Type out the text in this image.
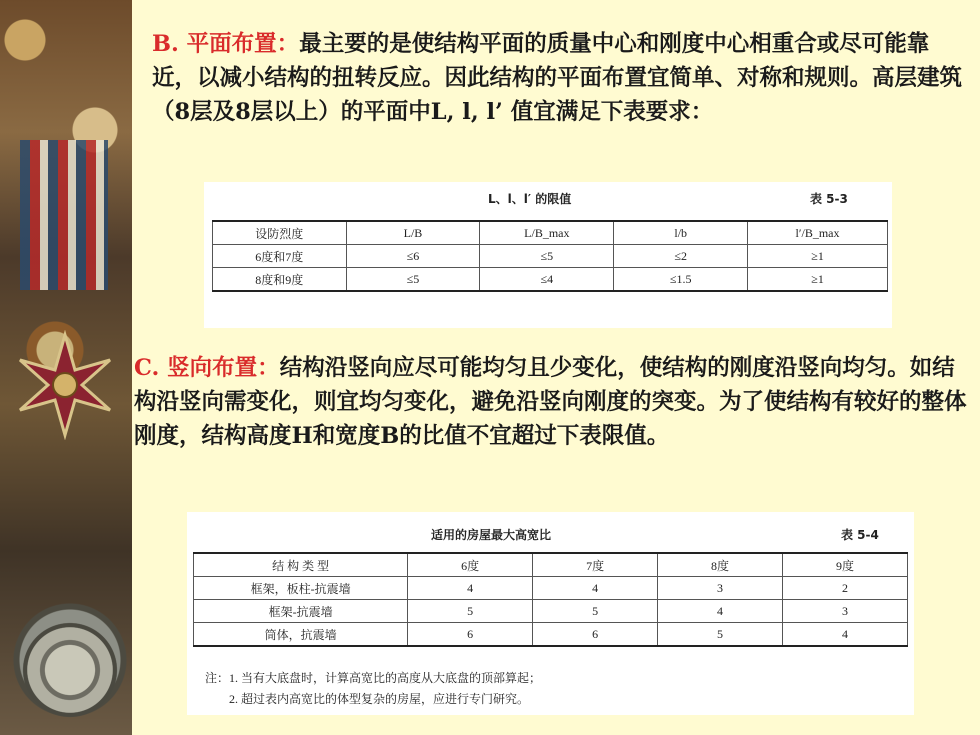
B. 平面布置：最主要的是使结构平面的质量中心和刚度中心相重合或尽可能靠近，以减小结构的扭转反应。因此结构的平面布置宜简单、对称和规则。高层建筑（8层及8层以上）的平面中L, l, l’ 值宜满足下表要求：
L、l、l′ 的限值	表 5-3
设防烈度	L/B	L/B_max	l/b	l′/B_max
6度和7度	≤6	≤5	≤2	≥1
8度和9度	≤5	≤4	≤1.5	≥1
C. 竖向布置：结构沿竖向应尽可能均匀且少变化，使结构的刚度沿竖向均匀。如结构沿竖向需变化，则宜均匀变化，避免沿竖向刚度的突变。为了使结构有较好的整体刚度，结构高度H和宽度B的比值不宜超过下表限值。
适用的房屋最大高宽比	表 5-4
结 构 类 型	6度	7度	8度	9度
框架，板柱-抗震墙	4	4	3	2
框架-抗震墙	5	5	4	3
筒体，抗震墙	6	6	5	4
注：1. 当有大底盘时，计算高宽比的高度从大底盘的顶部算起；
2. 超过表内高宽比的体型复杂的房屋，应进行专门研究。
